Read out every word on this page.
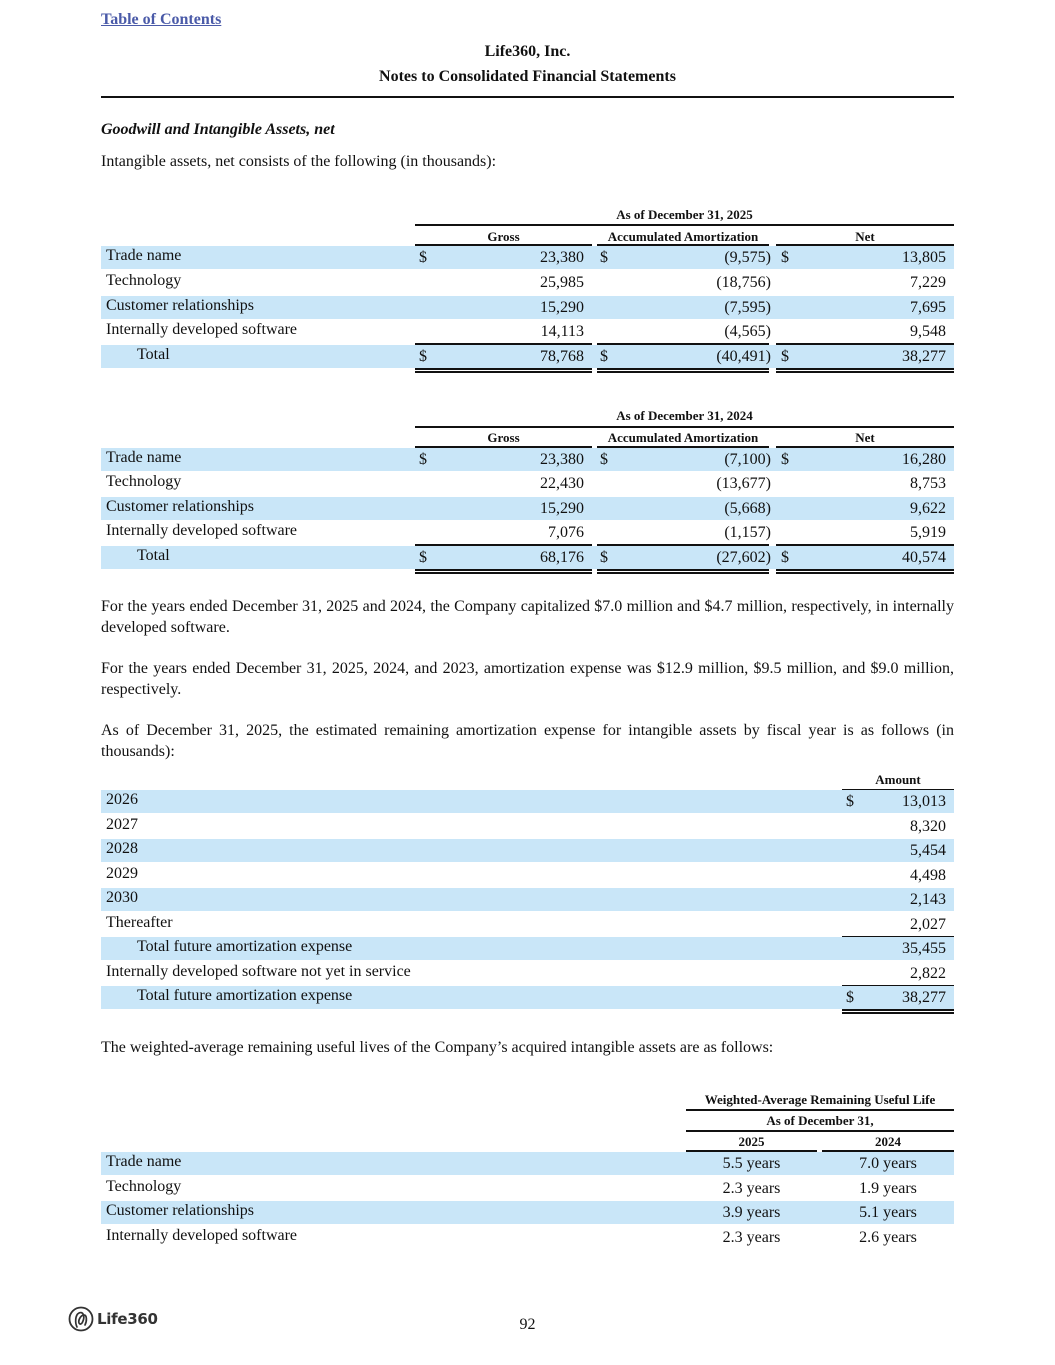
Table of Contents
Life360, Inc.
Notes to Consolidated Financial Statements
Goodwill and Intangible Assets, net
Intangible assets, net consists of the following (in thousands):
As of December 31, 2025
Gross	Accumulated Amortization	Net
Trade name	$	23,380 $	(9,575) $	13,805
Technology	25,985	(18,756)	7,229
Customer relationships	15,290	(7,595)	7,695
Internally developed software	14,113	(4,565)	9,548
Total	$	78,768 $	(40,491) $	38,277
As of December 31, 2024
Gross	Accumulated Amortization	Net
Trade name	$	23,380 $	(7,100) $	16,280
Technology	22,430	(13,677)	8,753
Customer relationships	15,290	(5,668)	9,622
Internally developed software	7,076	(1,157)	5,919
Total	$	68,176 $	(27,602) $	40,574
For the years ended December 31, 2025 and 2024, the Company capitalized $7.0 million and $4.7 million, respectively, in internally developed software.
For the years ended December 31, 2025, 2024, and 2023, amortization expense was $12.9 million, $9.5 million, and $9.0 million, respectively.
As of December 31, 2025, the estimated remaining amortization expense for intangible assets by fiscal year is as follows (in thousands):
Amount
2026	$	13,013
2027	8,320
2028	5,454
2029	4,498
2030	2,143
Thereafter	2,027
Total future amortization expense	35,455
Internally developed software not yet in service	2,822
Total future amortization expense	$	38,277
The weighted-average remaining useful lives of the Company’s acquired intangible assets are as follows:
Weighted-Average Remaining Useful Life
As of December 31,
2025	2024
Trade name	5.5 years	7.0 years
Technology	2.3 years	1.9 years
Customer relationships	3.9 years	5.1 years
Internally developed software	2.3 years	2.6 years
Life360	92
